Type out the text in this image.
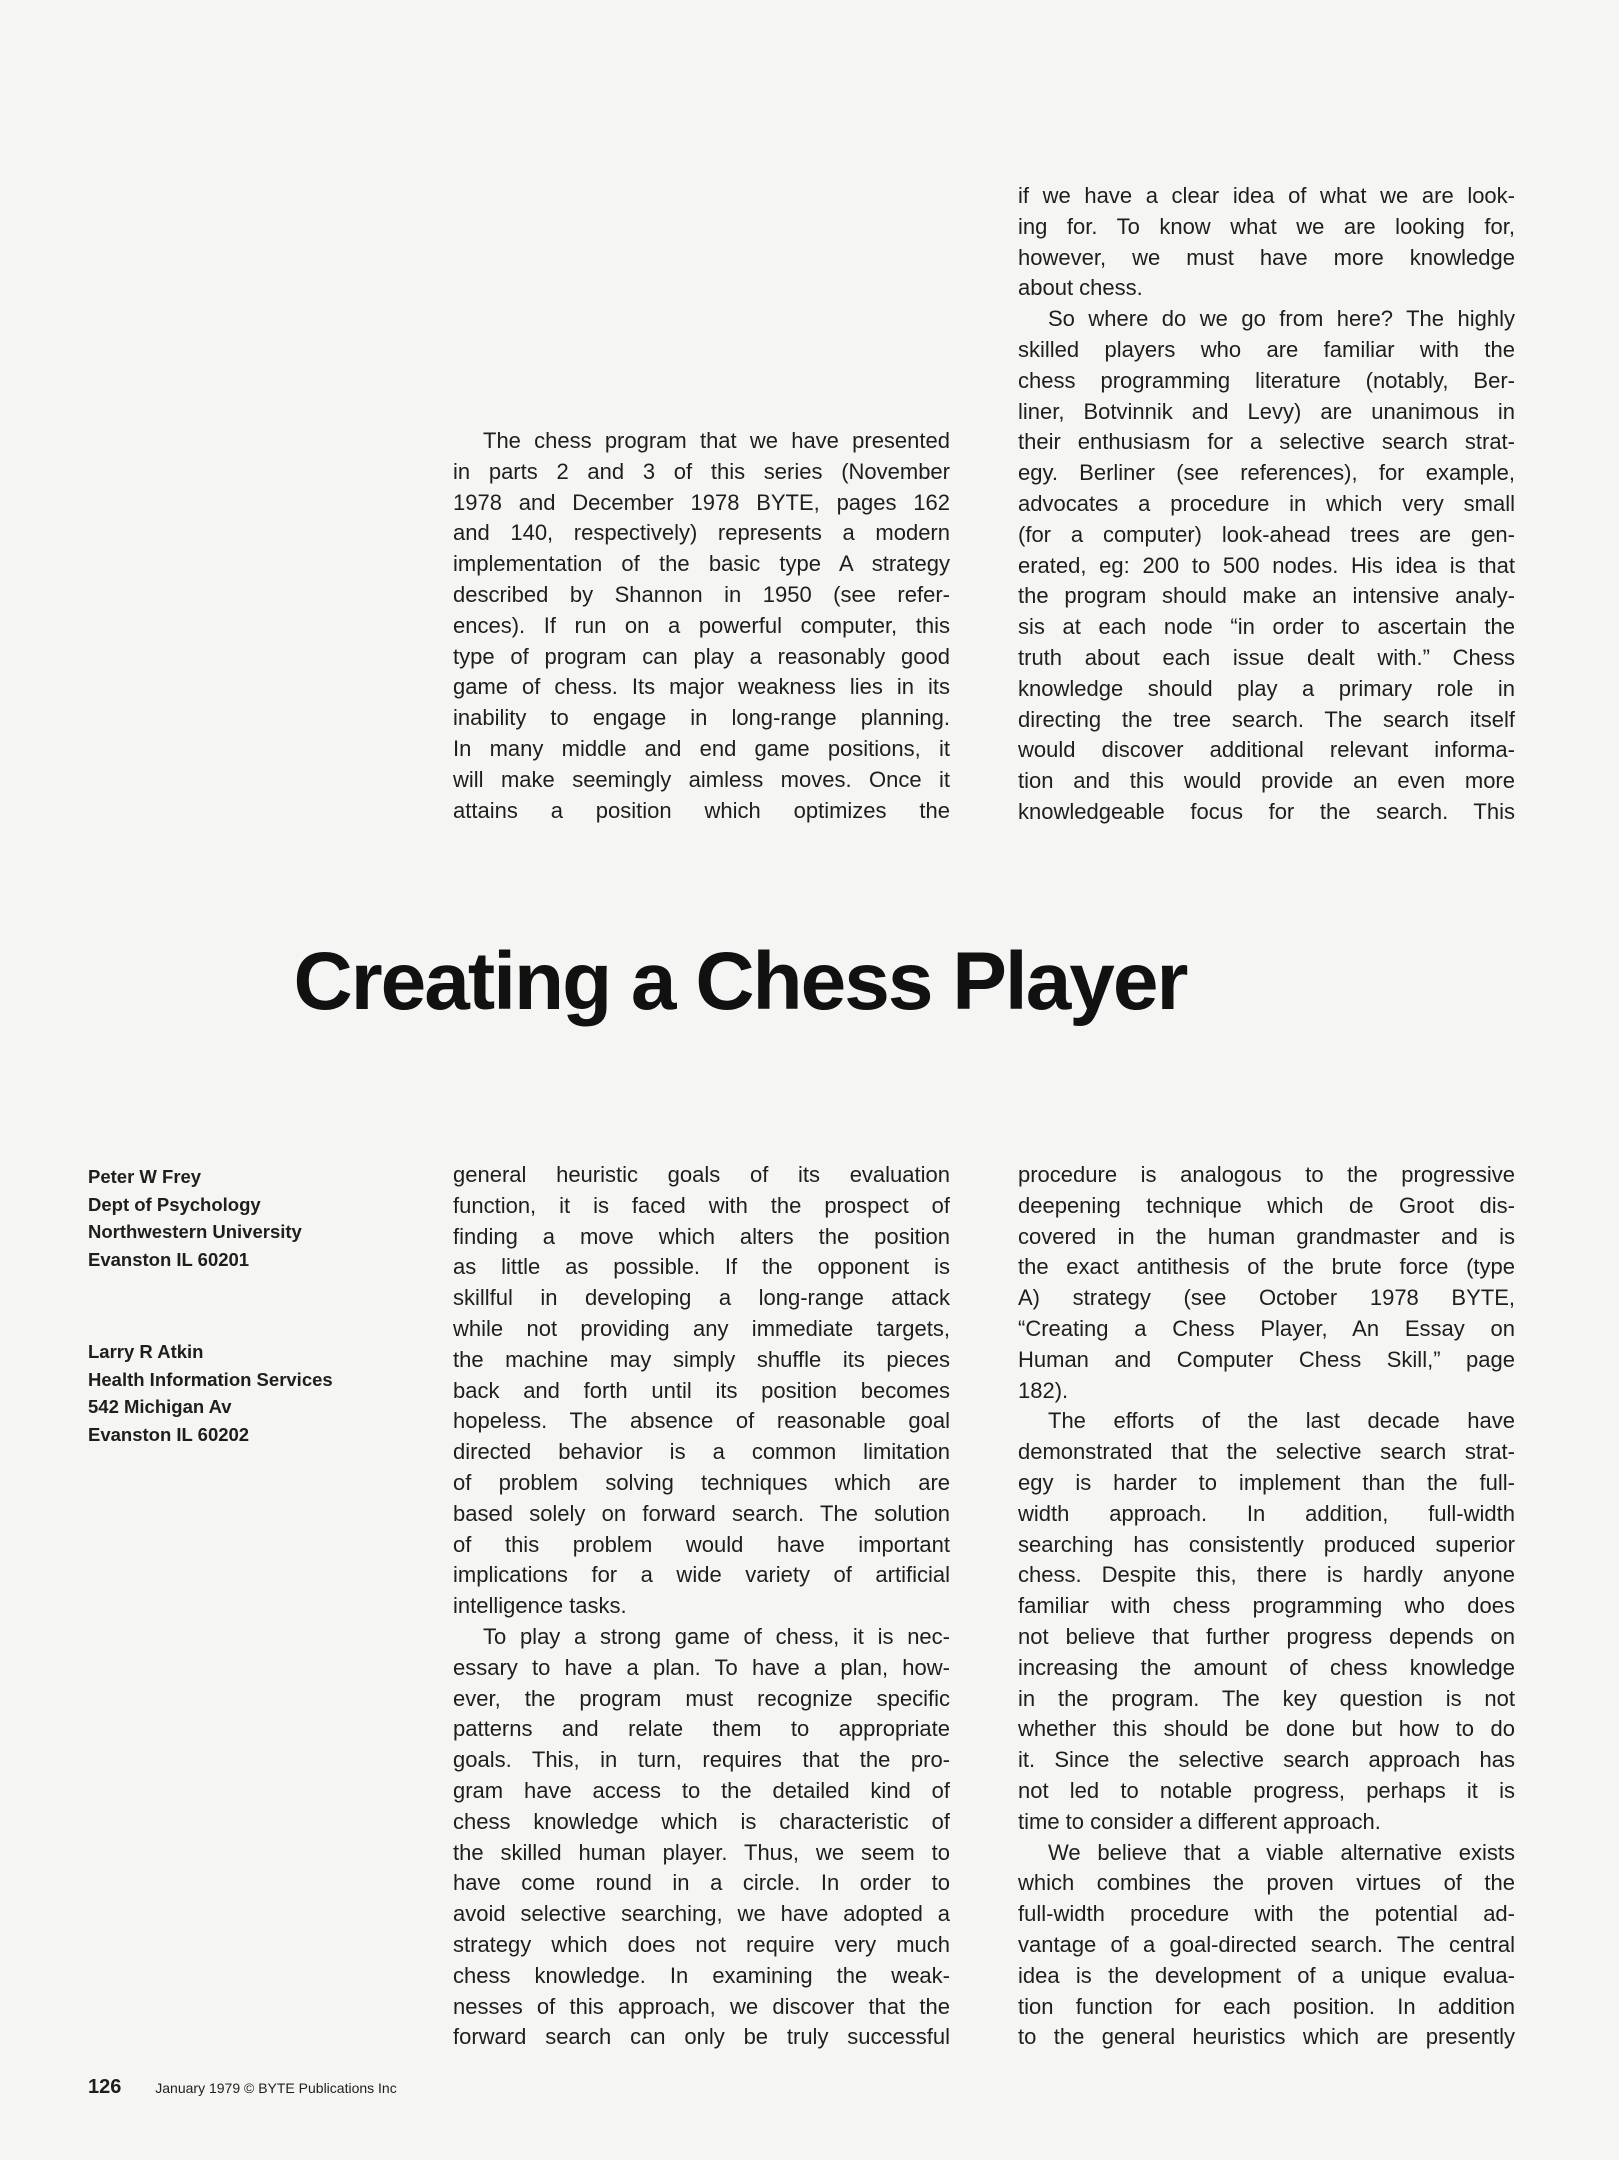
The chess program that we have presented
in parts 2 and 3 of this series (November
1978 and December 1978 BYTE, pages 162
and 140, respectively) represents a modern
implementation of the basic type A strategy
described by Shannon in 1950 (see refer-
ences). If run on a powerful computer, this
type of program can play a reasonably good
game of chess. Its major weakness lies in its
inability to engage in long-range planning.
In many middle and end game positions, it
will make seemingly aimless moves. Once it
attains a position which optimizes the
if we have a clear idea of what we are look-
ing for. To know what we are looking for,
however, we must have more knowledge
about chess.
So where do we go from here? The highly
skilled players who are familiar with the
chess programming literature (notably, Ber-
liner, Botvinnik and Levy) are unanimous in
their enthusiasm for a selective search strat-
egy. Berliner (see references), for example,
advocates a procedure in which very small
(for a computer) look-ahead trees are gen-
erated, eg: 200 to 500 nodes. His idea is that
the program should make an intensive analy-
sis at each node “in order to ascertain the
truth about each issue dealt with.” Chess
knowledge should play a primary role in
directing the tree search. The search itself
would discover additional relevant informa-
tion and this would provide an even more
knowledgeable focus for the search. This
Creating a Chess Player
Peter W Frey
Dept of Psychology
Northwestern University
Evanston IL 60201
Larry R Atkin
Health Information Services
542 Michigan Av
Evanston IL 60202
general heuristic goals of its evaluation
function, it is faced with the prospect of
finding a move which alters the position
as little as possible. If the opponent is
skillful in developing a long-range attack
while not providing any immediate targets,
the machine may simply shuffle its pieces
back and forth until its position becomes
hopeless. The absence of reasonable goal
directed behavior is a common limitation
of problem solving techniques which are
based solely on forward search. The solution
of this problem would have important
implications for a wide variety of artificial
intelligence tasks.
To play a strong game of chess, it is nec-
essary to have a plan. To have a plan, how-
ever, the program must recognize specific
patterns and relate them to appropriate
goals. This, in turn, requires that the pro-
gram have access to the detailed kind of
chess knowledge which is characteristic of
the skilled human player. Thus, we seem to
have come round in a circle. In order to
avoid selective searching, we have adopted a
strategy which does not require very much
chess knowledge. In examining the weak-
nesses of this approach, we discover that the
forward search can only be truly successful
procedure is analogous to the progressive
deepening technique which de Groot dis-
covered in the human grandmaster and is
the exact antithesis of the brute force (type
A) strategy (see October 1978 BYTE,
“Creating a Chess Player, An Essay on
Human and Computer Chess Skill,” page
182).
The efforts of the last decade have
demonstrated that the selective search strat-
egy is harder to implement than the full-
width approach. In addition, full-width
searching has consistently produced superior
chess. Despite this, there is hardly anyone
familiar with chess programming who does
not believe that further progress depends on
increasing the amount of chess knowledge
in the program. The key question is not
whether this should be done but how to do
it. Since the selective search approach has
not led to notable progress, perhaps it is
time to consider a different approach.
We believe that a viable alternative exists
which combines the proven virtues of the
full-width procedure with the potential ad-
vantage of a goal-directed search. The central
idea is the development of a unique evalua-
tion function for each position. In addition
to the general heuristics which are presently
126 January 1979 © BYTE Publications Inc
